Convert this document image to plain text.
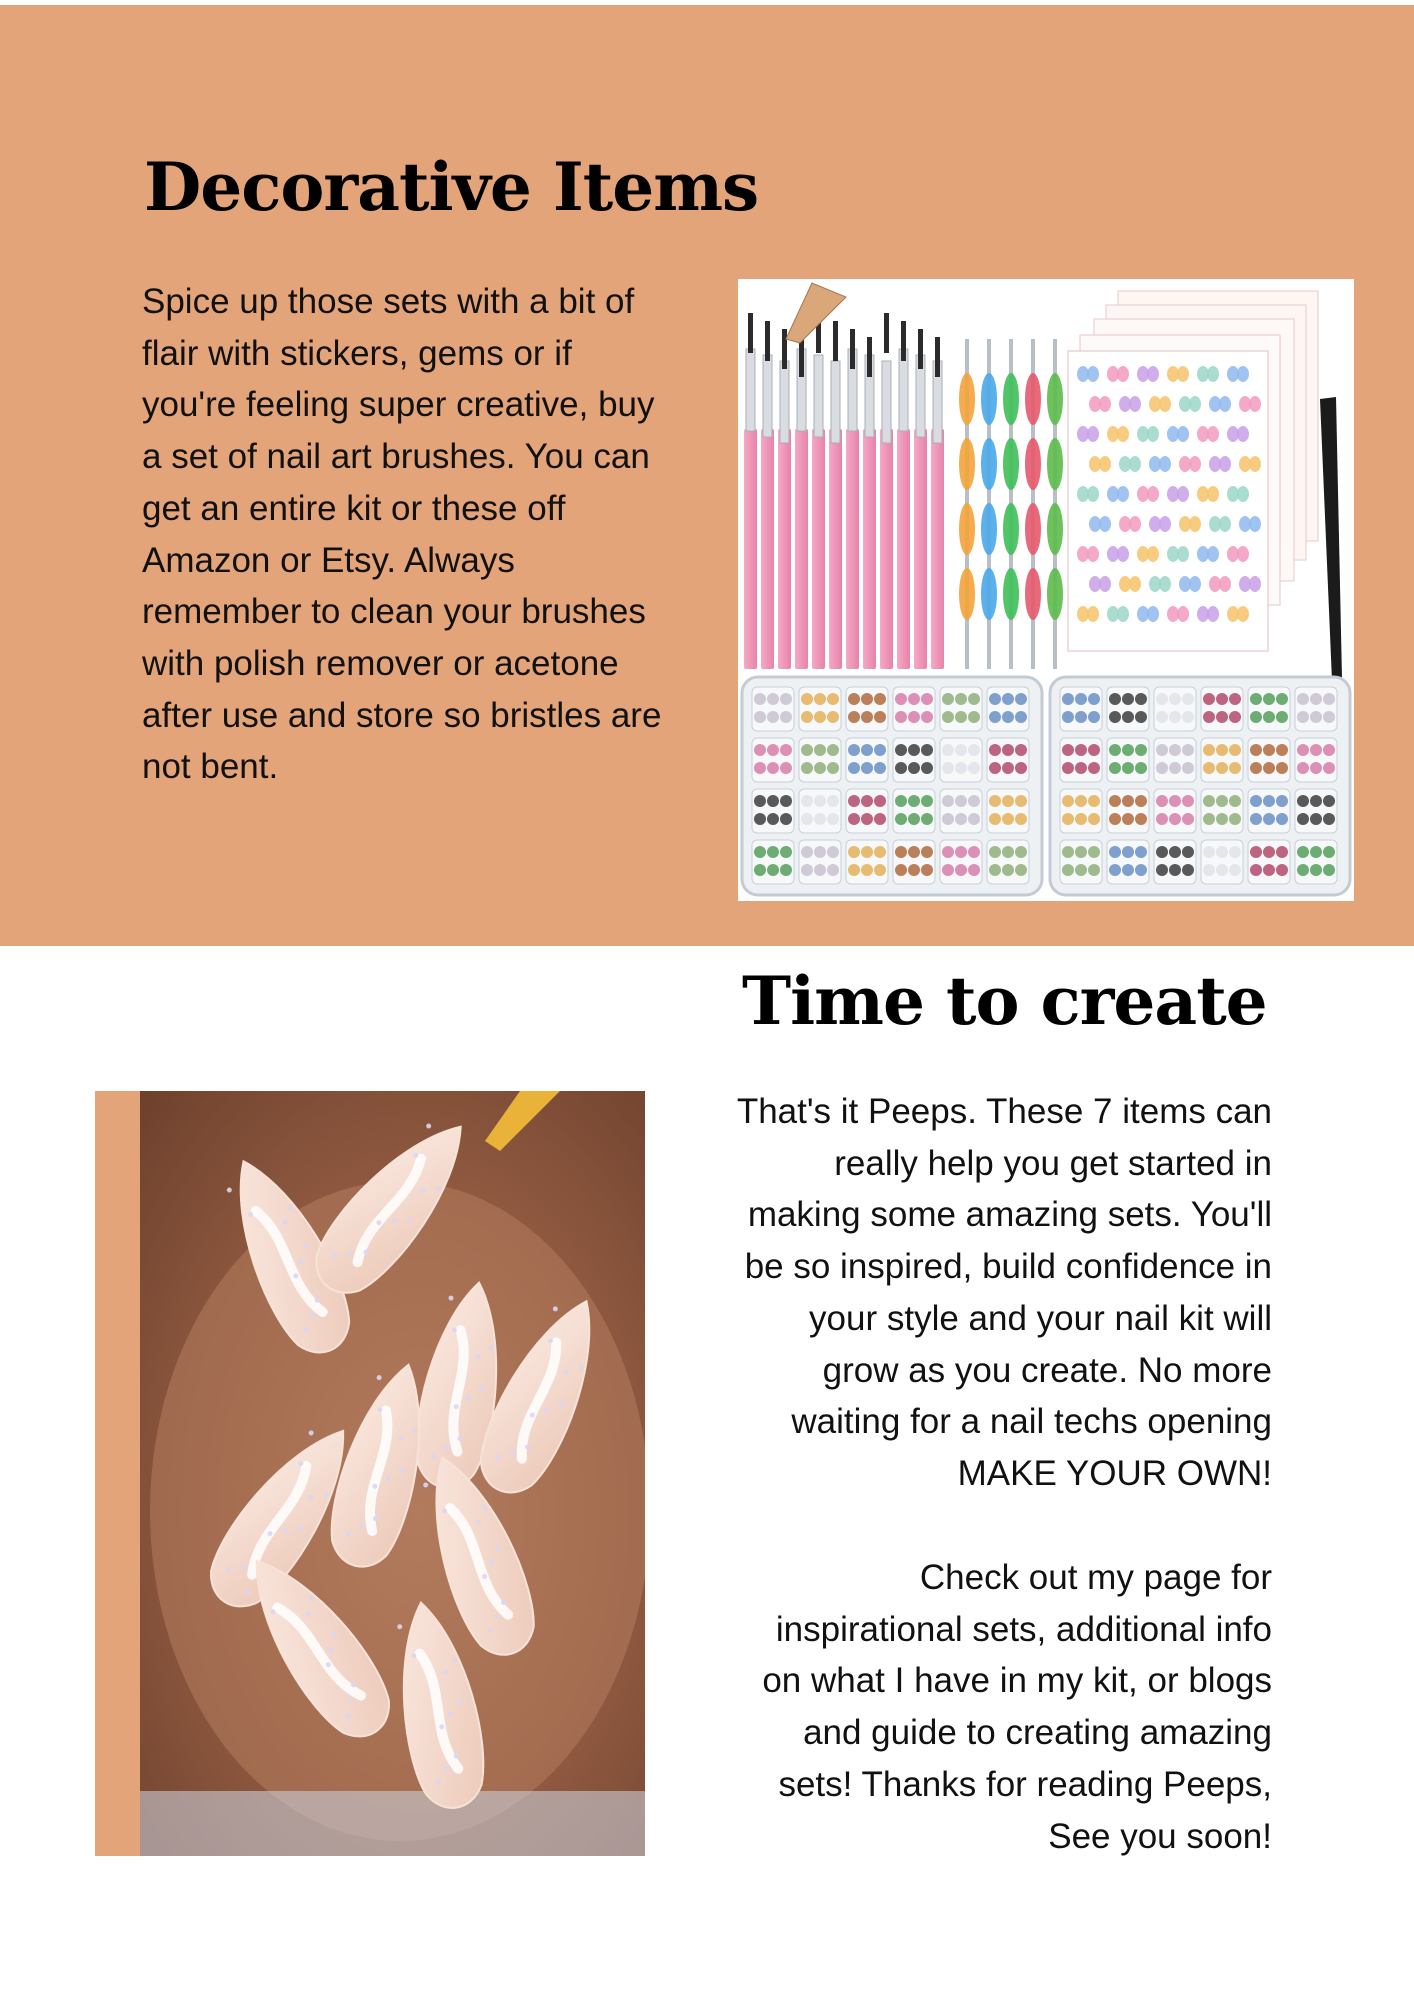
Decorative Items

Spice up those sets with a bit of
flair with stickers, gems or if
you're feeling super creative, buy
a set of nail art brushes. You can
get an entire kit or these off
Amazon or Etsy. Always
remember to clean your brushes
with polish remover or acetone
after use and store so bristles are
not bent.

Time to create

That's it Peeps. These 7 items can
really help you get started in
making some amazing sets. You'll
be so inspired, build confidence in
your style and your nail kit will
grow as you create. No more
waiting for a nail techs opening
MAKE YOUR OWN!

Check out my page for
inspirational sets, additional info
on what I have in my kit, or blogs
and guide to creating amazing
sets! Thanks for reading Peeps,
See you soon!
